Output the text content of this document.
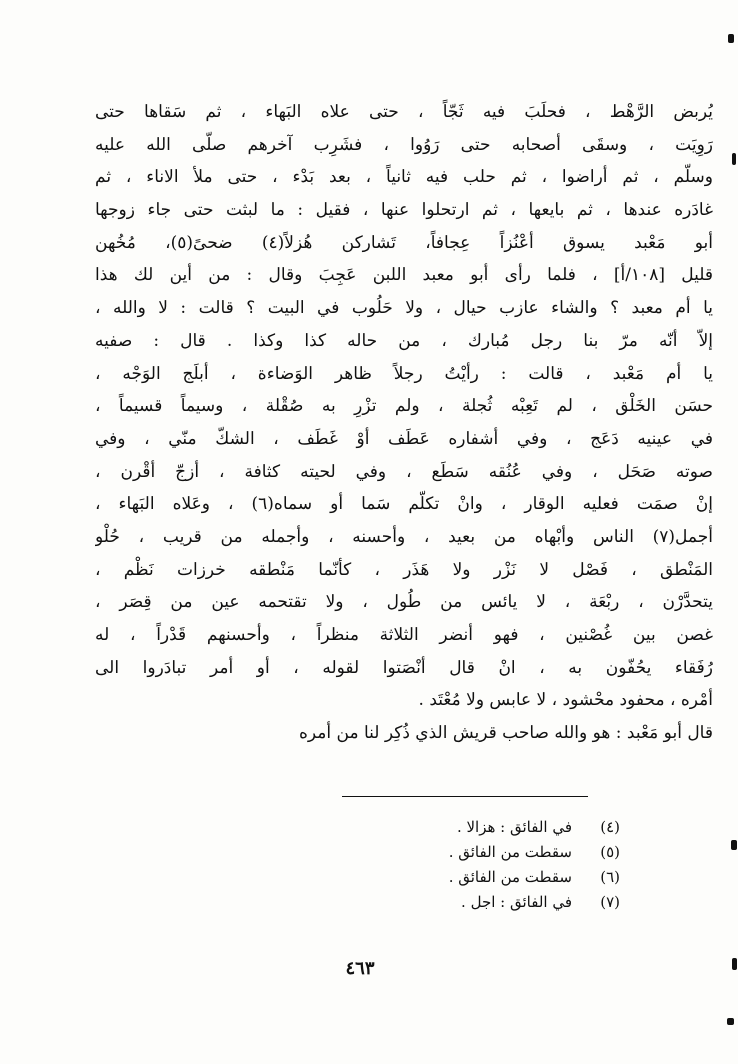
يُربض الرَّهْط ، فحلَبَ فيه ثَجّاً ، حتى علاه البَهاء ، ثم سَقاها حتى
رَوِيَت ، وسقَى أصحابه حتى رَوُوا ، فشَرِب آخرهم صلّى الله عليه
وسلّم ، ثم أراضوا ، ثم حلب فيه ثانياً ، بعد بَدْء ، حتى ملأ الاناء ، ثم
غادَره عندها ، ثم بايعها ، ثم ارتحلوا عنها ، فقيل : ما لبثت حتى جاء زوجها
أبو مَعْبد يسوق أعْنُزاً عِجافاً، تَشاركن هُزلاً(٤) ضحىً(٥)، مُخُهن
قليل [١٠٨/أ] ، فلما رأى أبو معبد اللبن عَجِبَ وقال : من أين لك هذا
يا أم معبد ؟ والشاء عازب حيال ، ولا حَلُوب في البيت ؟ قالت : لا والله ،
إلاّ أنّه مرّ بنا رجل مُبارك ، من حاله كذا وكذا . قال : صفيه
يا أم مَعْبد ، قالت : رأيْتُ رجلاً ظاهر الوَضاءة ، أبلَج الوَجْه ،
حسَن الخَلْق ، لم تَعِبْه ثُجلة ، ولم تزْرِ به صُقْلة ، وسيماً قسيماً ،
في عينيه دَعَج ، وفي أشفاره عَطَف أوْ غَطَف ، الشكّ منّي ، وفي
صوته صَحَل ، وفي عُنُقه سَطَع ، وفي لحيته كثافة ، أزجّ أقْرن ،
إنْ صمَت فعليه الوقار ، وانْ تكلّم سَما أو سماه(٦) ، وعَلاه البَهاء ،
أجمل(٧) الناس وأبْهاه من بعيد ، وأحسنه ، وأجمله من قريب ، حُلْو
المَنْطق ، فَصْل لا نَزْر ولا هَذَر ، كأنّما مَنْطقه خرزات نَظْم ،
يتحدَّرْن ، ربْعَة ، لا يائس من طُول ، ولا تقتحمه عين من قِصَر ،
غصن بين غُصْنين ، فهو أنضر الثلاثة منظراً ، وأحسنهم قَدْراً ، له
رُفَقاء يحُفّون به ، انْ قال أنْصَتوا لقوله ، أو أمر تبادَروا الى
أمْره ، محفود محْشود ، لا عابس ولا مُعْتَد .
قال أبو مَعْبد : هو والله صاحب قريش الذي ذُكِر لنا من أمره
(٤)
في الفائق : هزالا .
(٥)
سقطت من الفائق .
(٦)
سقطت من الفائق .
(٧)
في الفائق : اجل .
٤٦٣
